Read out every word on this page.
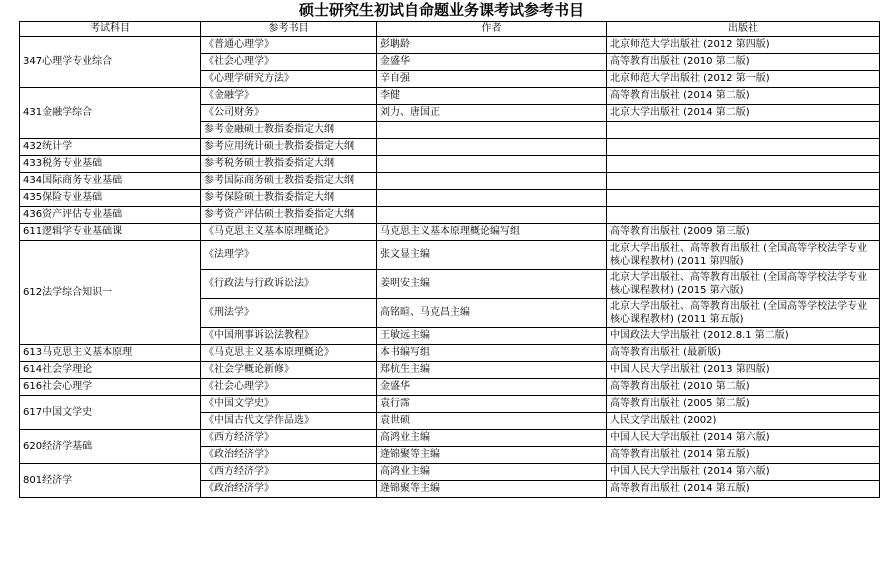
硕士研究生初试自命题业务课考试参考书目
考试科目	参考书目	作者	出版社
347心理学专业综合	《普通心理学》	彭聃龄	北京师范大学出版社 (2012 第四版)
	《社会心理学》	金盛华	高等教育出版社 (2010 第二版)
	《心理学研究方法》	辛自强	北京师范大学出版社 (2012 第一版)
431金融学综合	《金融学》	李健	高等教育出版社 (2014 第二版)
	《公司财务》	刘力、唐国正	北京大学出版社 (2014 第二版)
	参考金融硕士教指委指定大纲		
432统计学	参考应用统计硕士教指委指定大纲		
433税务专业基础	参考税务硕士教指委指定大纲		
434国际商务专业基础	参考国际商务硕士教指委指定大纲		
435保险专业基础	参考保险硕士教指委指定大纲		
436资产评估专业基础	参考资产评估硕士教指委指定大纲		
611逻辑学专业基础课	《马克思主义基本原理概论》	马克思主义基本原理概论编写组	高等教育出版社 (2009 第三版)
612法学综合知识一	《法理学》	张文显主编	北京大学出版社、高等教育出版社 (全国高等学校法学专业核心课程教材) (2011 第四版)
	《行政法与行政诉讼法》	姜明安主编	北京大学出版社、高等教育出版社 (全国高等学校法学专业核心课程教材) (2015 第六版)
	《刑法学》	高铭暄、马克昌主编	北京大学出版社、高等教育出版社 (全国高等学校法学专业核心课程教材) (2011 第五版)
	《中国刑事诉讼法教程》	王敏远主编	中国政法大学出版社 (2012.8.1 第二版)
613马克思主义基本原理	《马克思主义基本原理概论》	本书编写组	高等教育出版社 (最新版)
614社会学理论	《社会学概论新修》	郑杭生主编	中国人民大学出版社 (2013 第四版)
616社会心理学	《社会心理学》	金盛华	高等教育出版社 (2010 第二版)
617中国文学史	《中国文学史》	袁行霈	高等教育出版社 (2005 第二版)
	《中国古代文学作品选》	袁世硕	人民文学出版社 (2002)
620经济学基础	《西方经济学》	高鸿业主编	中国人民大学出版社 (2014 第六版)
	《政治经济学》	逄锦聚等主编	高等教育出版社 (2014 第五版)
801经济学	《西方经济学》	高鸿业主编	中国人民大学出版社 (2014 第六版)
	《政治经济学》	逄锦聚等主编	高等教育出版社 (2014 第五版)
